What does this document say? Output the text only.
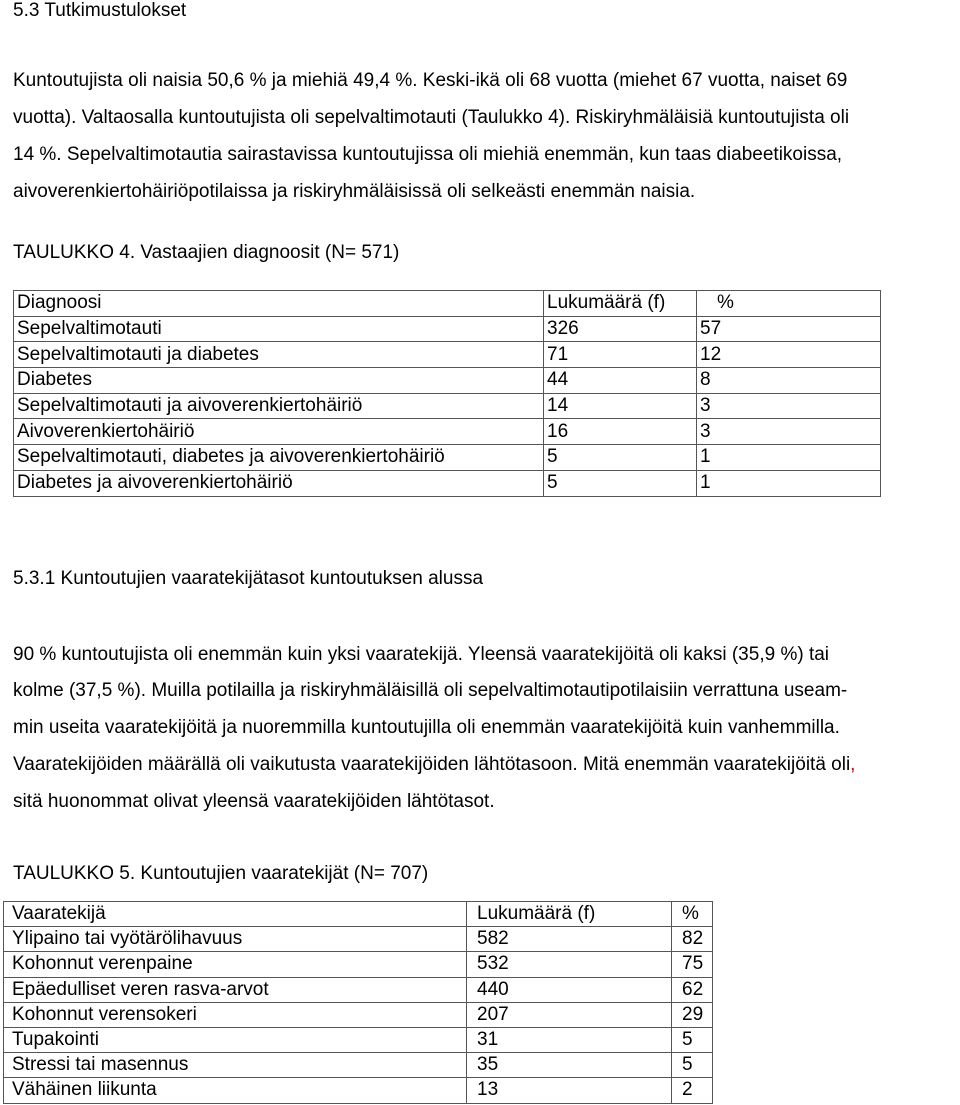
5.3 Tutkimustulokset
Kuntoutujista oli naisia 50,6 % ja miehiä 49,4 %. Keski-ikä oli 68 vuotta (miehet 67 vuotta, naiset 69
vuotta). Valtaosalla kuntoutujista oli sepelvaltimotauti (Taulukko 4). Riskiryhmäläisiä kuntoutujista oli
14 %. Sepelvaltimotautia sairastavissa kuntoutujissa oli miehiä enemmän, kun taas diabeetikoissa,
aivoverenkiertohäiriöpotilaissa ja riskiryhmäläisissä oli selkeästi enemmän naisia.
TAULUKKO 4. Vastaajien diagnoosit (N= 571)
Diagnoosi	Lukumäärä (f)	%
Sepelvaltimotauti	326	57
Sepelvaltimotauti ja diabetes	71	12
Diabetes	44	8
Sepelvaltimotauti ja aivoverenkiertohäiriö	14	3
Aivoverenkiertohäiriö	16	3
Sepelvaltimotauti, diabetes ja aivoverenkiertohäiriö	5	1
Diabetes ja aivoverenkiertohäiriö	5	1
5.3.1 Kuntoutujien vaaratekijätasot kuntoutuksen alussa
90 % kuntoutujista oli enemmän kuin yksi vaaratekijä. Yleensä vaaratekijöitä oli kaksi (35,9 %) tai
kolme (37,5 %). Muilla potilailla ja riskiryhmäläisillä oli sepelvaltimotautipotilaisiin verrattuna useam-
min useita vaaratekijöitä ja nuoremmilla kuntoutujilla oli enemmän vaaratekijöitä kuin vanhemmilla.
Vaaratekijöiden määrällä oli vaikutusta vaaratekijöiden lähtötasoon. Mitä enemmän vaaratekijöitä oli,
sitä huonommat olivat yleensä vaaratekijöiden lähtötasot.
TAULUKKO 5. Kuntoutujien vaaratekijät (N= 707)
Vaaratekijä	Lukumäärä (f)	%
Ylipaino tai vyötärölihavuus	582	82
Kohonnut verenpaine	532	75
Epäedulliset veren rasva-arvot	440	62
Kohonnut verensokeri	207	29
Tupakointi	31	5
Stressi tai masennus	35	5
Vähäinen liikunta	13	2
